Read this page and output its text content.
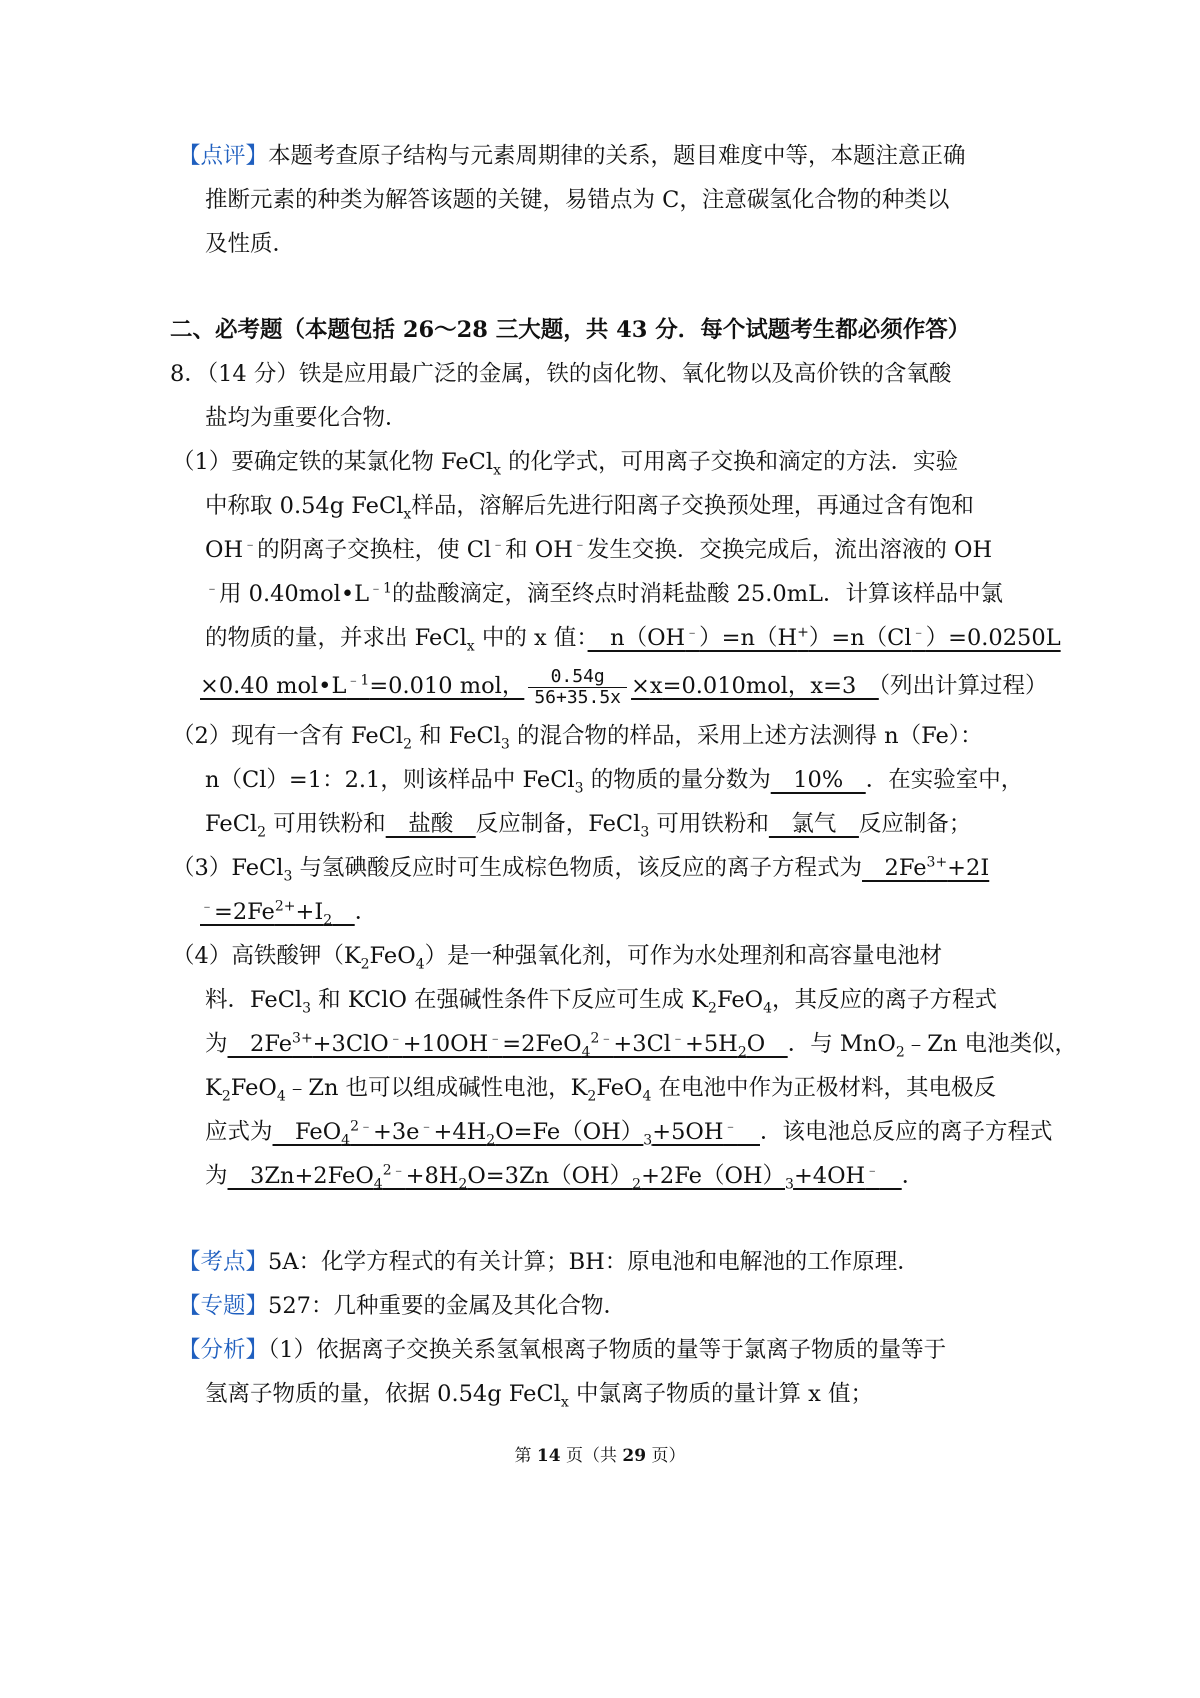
【点评】本题考查原子结构与元素周期律的关系，题目难度中等，本题注意正确
推断元素的种类为解答该题的关键，易错点为 C，注意碳氢化合物的种类以
及性质．
二、必考题（本题包括 26～28 三大题，共 43 分．每个试题考生都必须作答）
8．（14 分）铁是应用最广泛的金属，铁的卤化物、氧化物以及高价铁的含氧酸
盐均为重要化合物．
（1）要确定铁的某氯化物 FeCl$_x$ 的化学式，可用离子交换和滴定的方法．实验
中称取 0.54g FeCl$_x$样品，溶解后先进行阳离子交换预处理，再通过含有饱和
OH﹣的阴离子交换柱，使 Cl﹣和 OH﹣发生交换．交换完成后，流出溶液的 OH
﹣用 $0.40mol•L^{﹣1}$的盐酸滴定，滴至终点时消耗盐酸 25.0mL．计算该样品中氯
的物质的量，并求出 FeCl$_x$ 中的 x 值：　n（OH﹣）=n（H+）=n（Cl﹣）=0.0250L
×0.40 $mol•L^{﹣1}=0.010$ mol， $\frac{0.54g}{56+35.5x} \times x=0.010mol$，x=3　（列出计算过程）
（2）现有一含有 FeCl$_2$ 和 FeCl$_3$ 的混合物的样品，采用上述方法测得 n（Fe）：
n（Cl）=1：2.1，则该样品中 FeCl$_3$ 的物质的量分数为　10%　．在实验室中，
FeCl$_2$ 可用铁粉和　盐酸　反应制备，FeCl$_3$ 可用铁粉和　氯气　反应制备；
（3）FeCl$_3$ 与氢碘酸反应时可生成棕色物质，该反应的离子方程式为　$2Fe^{3+}+2I$
$^﹣=2Fe^{2+}+I_2$　 ．
（4）高铁酸钾$(K_2FeO_4)$是一种强氧化剂，可作为水处理剂和高容量电池材
料．FeCl$_3$ 和 KClO 在强碱性条件下反应可生成 $K_2FeO_4$，其反应的离子方程式
为　$2Fe^{3+}+3ClO^﹣+10OH^﹣=2FeO_4^{2﹣}+3Cl^﹣+5H_2O$　．与 MnO$_2$﹣Zn 电池类似，
$K_2FeO_4﹣Zn$ 也可以组成碱性电池，$K_2FeO_4$ 在电池中作为正极材料，其电极反
应式为　$FeO_4^{2﹣}+3e^﹣+4H_2O=Fe(OH)_3+5OH^﹣$　 ．该电池总反应的离子方程式
为　$3Zn+2FeO_4^{2﹣}+8H_2O=3Zn(OH)_2+2Fe(OH)_3+4OH^﹣$　 ．
【考点】5A：化学方程式的有关计算；BH：原电池和电解池的工作原理．
【专题】527：几种重要的金属及其化合物．
【分析】（1）依据离子交换关系氢氧根离子物质的量等于氯离子物质的量等于
氢离子物质的量，依据 0.54g FeCl$_x$ 中氯离子物质的量计算 x 值；
第 14 页（共 29 页）
